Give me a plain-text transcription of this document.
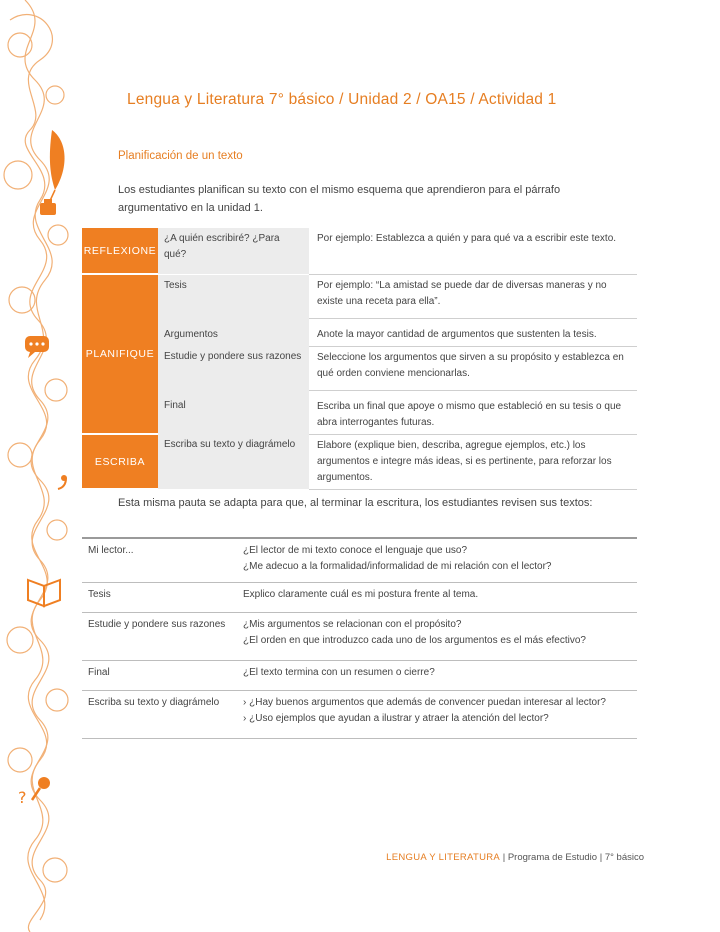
?
Lengua y Literatura 7° básico / Unidad 2 / OA15 / Actividad 1
Planificación de un texto
Los estudiantes planifican su texto con el mismo esquema que aprendieron para el párrafo argumentativo en la unidad 1.
REFLEXIONE	¿A quién escribiré? ¿Para qué?	Por ejemplo: Establezca a quién y para qué va a escribir este texto.
PLANIFIQUE	Tesis	Por ejemplo: “La amistad se puede dar de diversas maneras y no existe una receta para ella”.
	Argumentos	Anote la mayor cantidad de argumentos que sustenten la tesis.
	Estudie y pondere sus razones	Seleccione los argumentos que sirven a su propósito y establezca en qué orden conviene mencionarlas.
	Final	Escriba un final que apoye o mismo que estableció en su tesis o que abra interrogantes futuras.
ESCRIBA	Escriba su texto y diagrámelo	Elabore (explique bien, describa, agregue ejemplos, etc.) los argumentos e integre más ideas, si es pertinente, para reforzar los argumentos.
Esta misma pauta se adapta para que, al terminar la escritura, los estudiantes revisen sus textos:
Mi lector...	¿El lector de mi texto conoce el lenguaje que uso?
¿Me adecuo a la formalidad/informalidad de mi relación con el lector?

Tesis	Explico claramente cuál es mi postura frente al tema.

Estudie y pondere sus razones	¿Mis argumentos se relacionan con el propósito?
¿El orden en que introduzco cada uno de los argumentos es el más efectivo?

Final	¿El texto termina con un resumen o cierre?

Escriba su texto y diagrámelo	› ¿Hay buenos argumentos que además de convencer puedan interesar al lector?
› ¿Uso ejemplos que ayudan a ilustrar y atraer la atención del lector?
LENGUA Y LITERATURA | Programa de Estudio | 7° básico
